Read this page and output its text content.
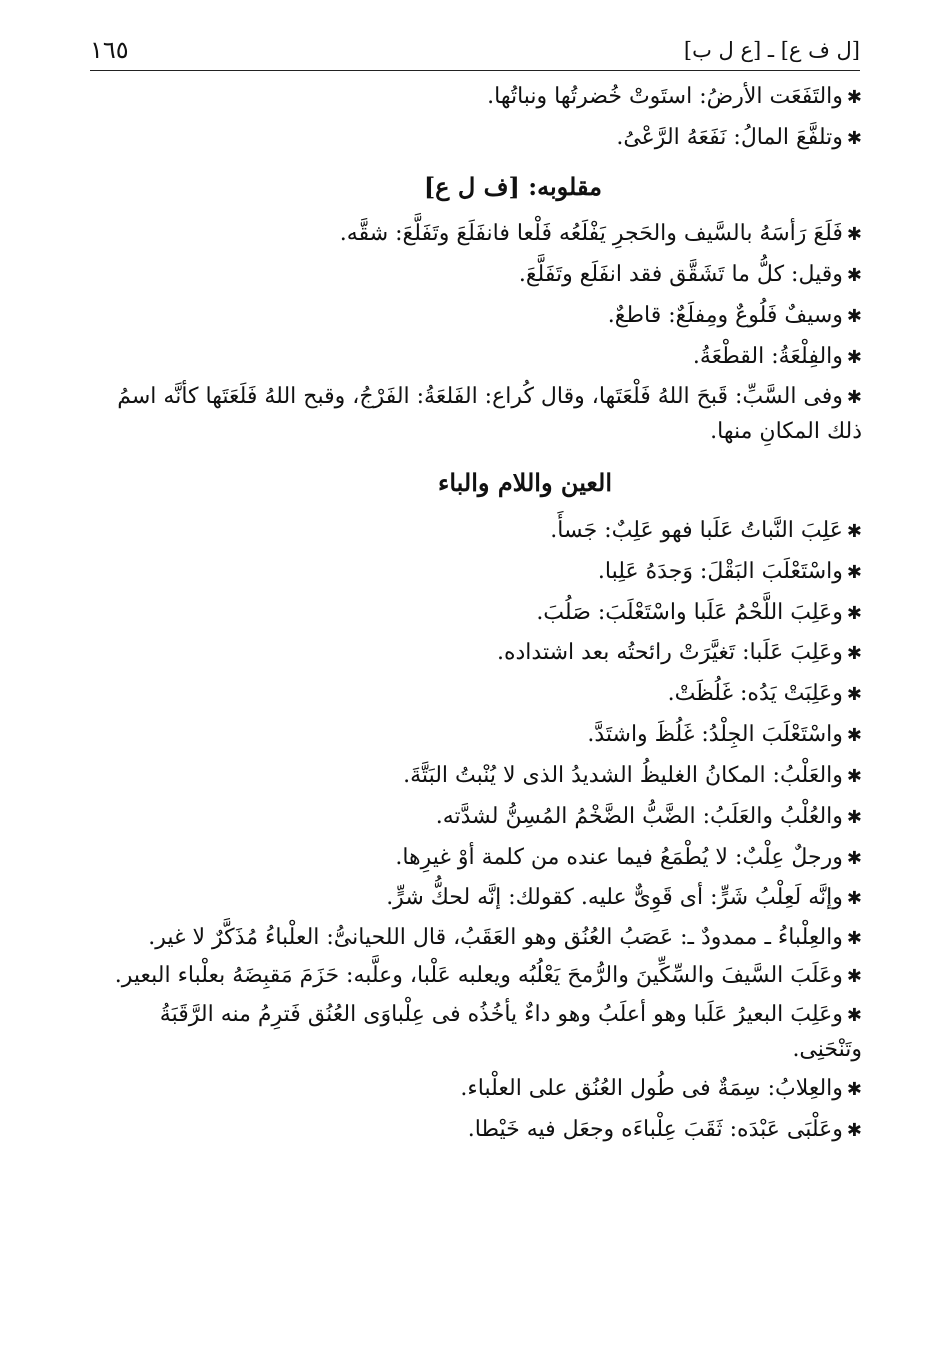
[ل ف ع] ـ [ع ل ب]
١٦٥

✱والتَفَعَت الأرضُ: استَوتْ خُضرتُها ونباتُها.

✱وتلفَّعَ المالُ: نَفَعَهُ الرَّعْىُ.

مقلوبه: [ف ل ع]

✱فَلَعَ رَأسَهُ بالسَّيف والحَجرِ يَفْلَعُه فَلْعا فانفَلَعَ وتَفَلَّعَ: شقَّه.

✱وقيل: كلُّ ما تَشَقَّق فقد انفَلَع وتَفَلَّعَ.

✱وسيفٌ فَلُوعٌ ومِفلَعٌ: قاطعٌ.

✱والفِلْعَةُ: القطْعَةُ.

✱وفى السَّبِّ: قَبحَ اللهُ فَلْعَتَها، وقال كُراع: الفَلعَةُ: الفَرْجُ، وقبح اللهُ فَلَعَتَها كأنَّه اسمُ ذلك المكانِ منها.

العين واللام والباء

✱عَلِبَ النَّباتُ عَلَبا فهو عَلِبٌ: جَسأَ.

✱واسْتَعْلَبَ البَقْلَ: وَجدَهُ عَلِبا.

✱وعَلِبَ اللَّحْمُ عَلَبا واسْتَعْلَبَ: صَلُبَ.

✱وعَلِبَ عَلَبا: تَغيَّرَتْ رائحتُه بعد اشتداده.

✱وعَلِبَتْ يَدُه: غَلُظَتْ.

✱واسْتَعْلَبَ الجِلْدُ: غَلُظَ واشتَدَّ.

✱والعَلْبُ: المكانُ الغليظُ الشديدُ الذى لا يُنْبتُ البَتَّةَ.

✱والعُلْبُ والعَلَبُ: الضَّبُّ الضَّخْمُ المُسِنُّ لشدَّته.

✱ورجلٌ عِلْبٌ: لا يُطْمَعُ فيما عنده من كلمة أوْ غيرِها.

✱وإنَّه لَعِلْبُ شَرٍّ: أى قَوِىٌّ عليه. كقولك: إنَّه لحكُّ شرٍّ.

✱والعِلْباءُ ـ ممدودٌ ـ: عَصَبُ العُنُق وهو العَقَبُ، قال اللحيانىُّ: العلْباءُ مُذَكَّرٌ لا غير.

✱وعَلَبَ السَّيفَ والسِّكِّينَ والرُّمحَ يَعْلُبُه ويعلبه عَلْبا، وعلَّبه: حَزَمَ مَقبِضَهُ بعلْباء البعير.

✱وعَلِبَ البعيرُ عَلَبا وهو أعلَبُ وهو داءٌ يأخُذُه فى عِلْباوَى العُنُق فَترِمُ منه الرَّقَبَةُ وتَنْحَنِى.

✱والعِلابُ: سِمَةٌ فى طُول العُنُق على العلْباء.

✱وعَلْبَى عَبْدَه: ثَقَبَ عِلْباءَه وجعَل فيه خَيْطا.
